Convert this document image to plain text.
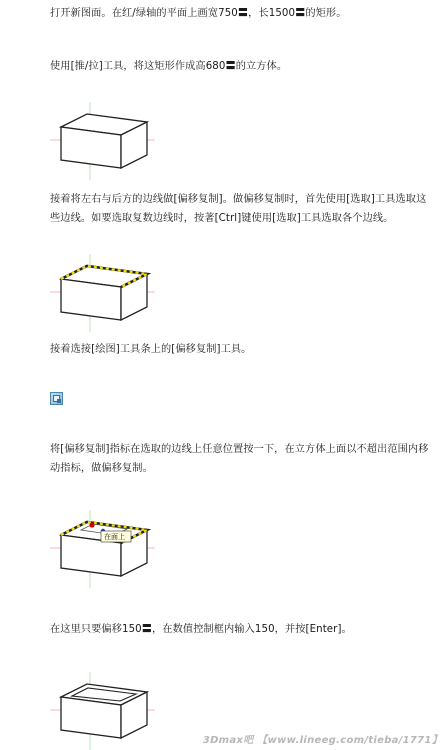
打开新图面。在红/绿轴的平面上画宽750〓，长1500〓的矩形。
使用[推/拉]工具，将这矩形作成高680〓的立方体。
接着将左右与后方的边线做[偏移复制]。做偏移复制时，首先使用[选取]工具选取这些边线。如要选取复数边线时，按著[Ctrl]键使用[选取]工具选取各个边线。
接着选接[绘图]工具条上的[偏移复制]工具。
将[偏移复制]指标在选取的边线上任意位置按一下，在立方体上面以不超出范围内移动指标，做偏移复制。
在面上
在这里只要偏移150〓，在数值控制框内输入150，并按[Enter]。
3Dmax吧 【www.lineeg.com/tieba/1771】
